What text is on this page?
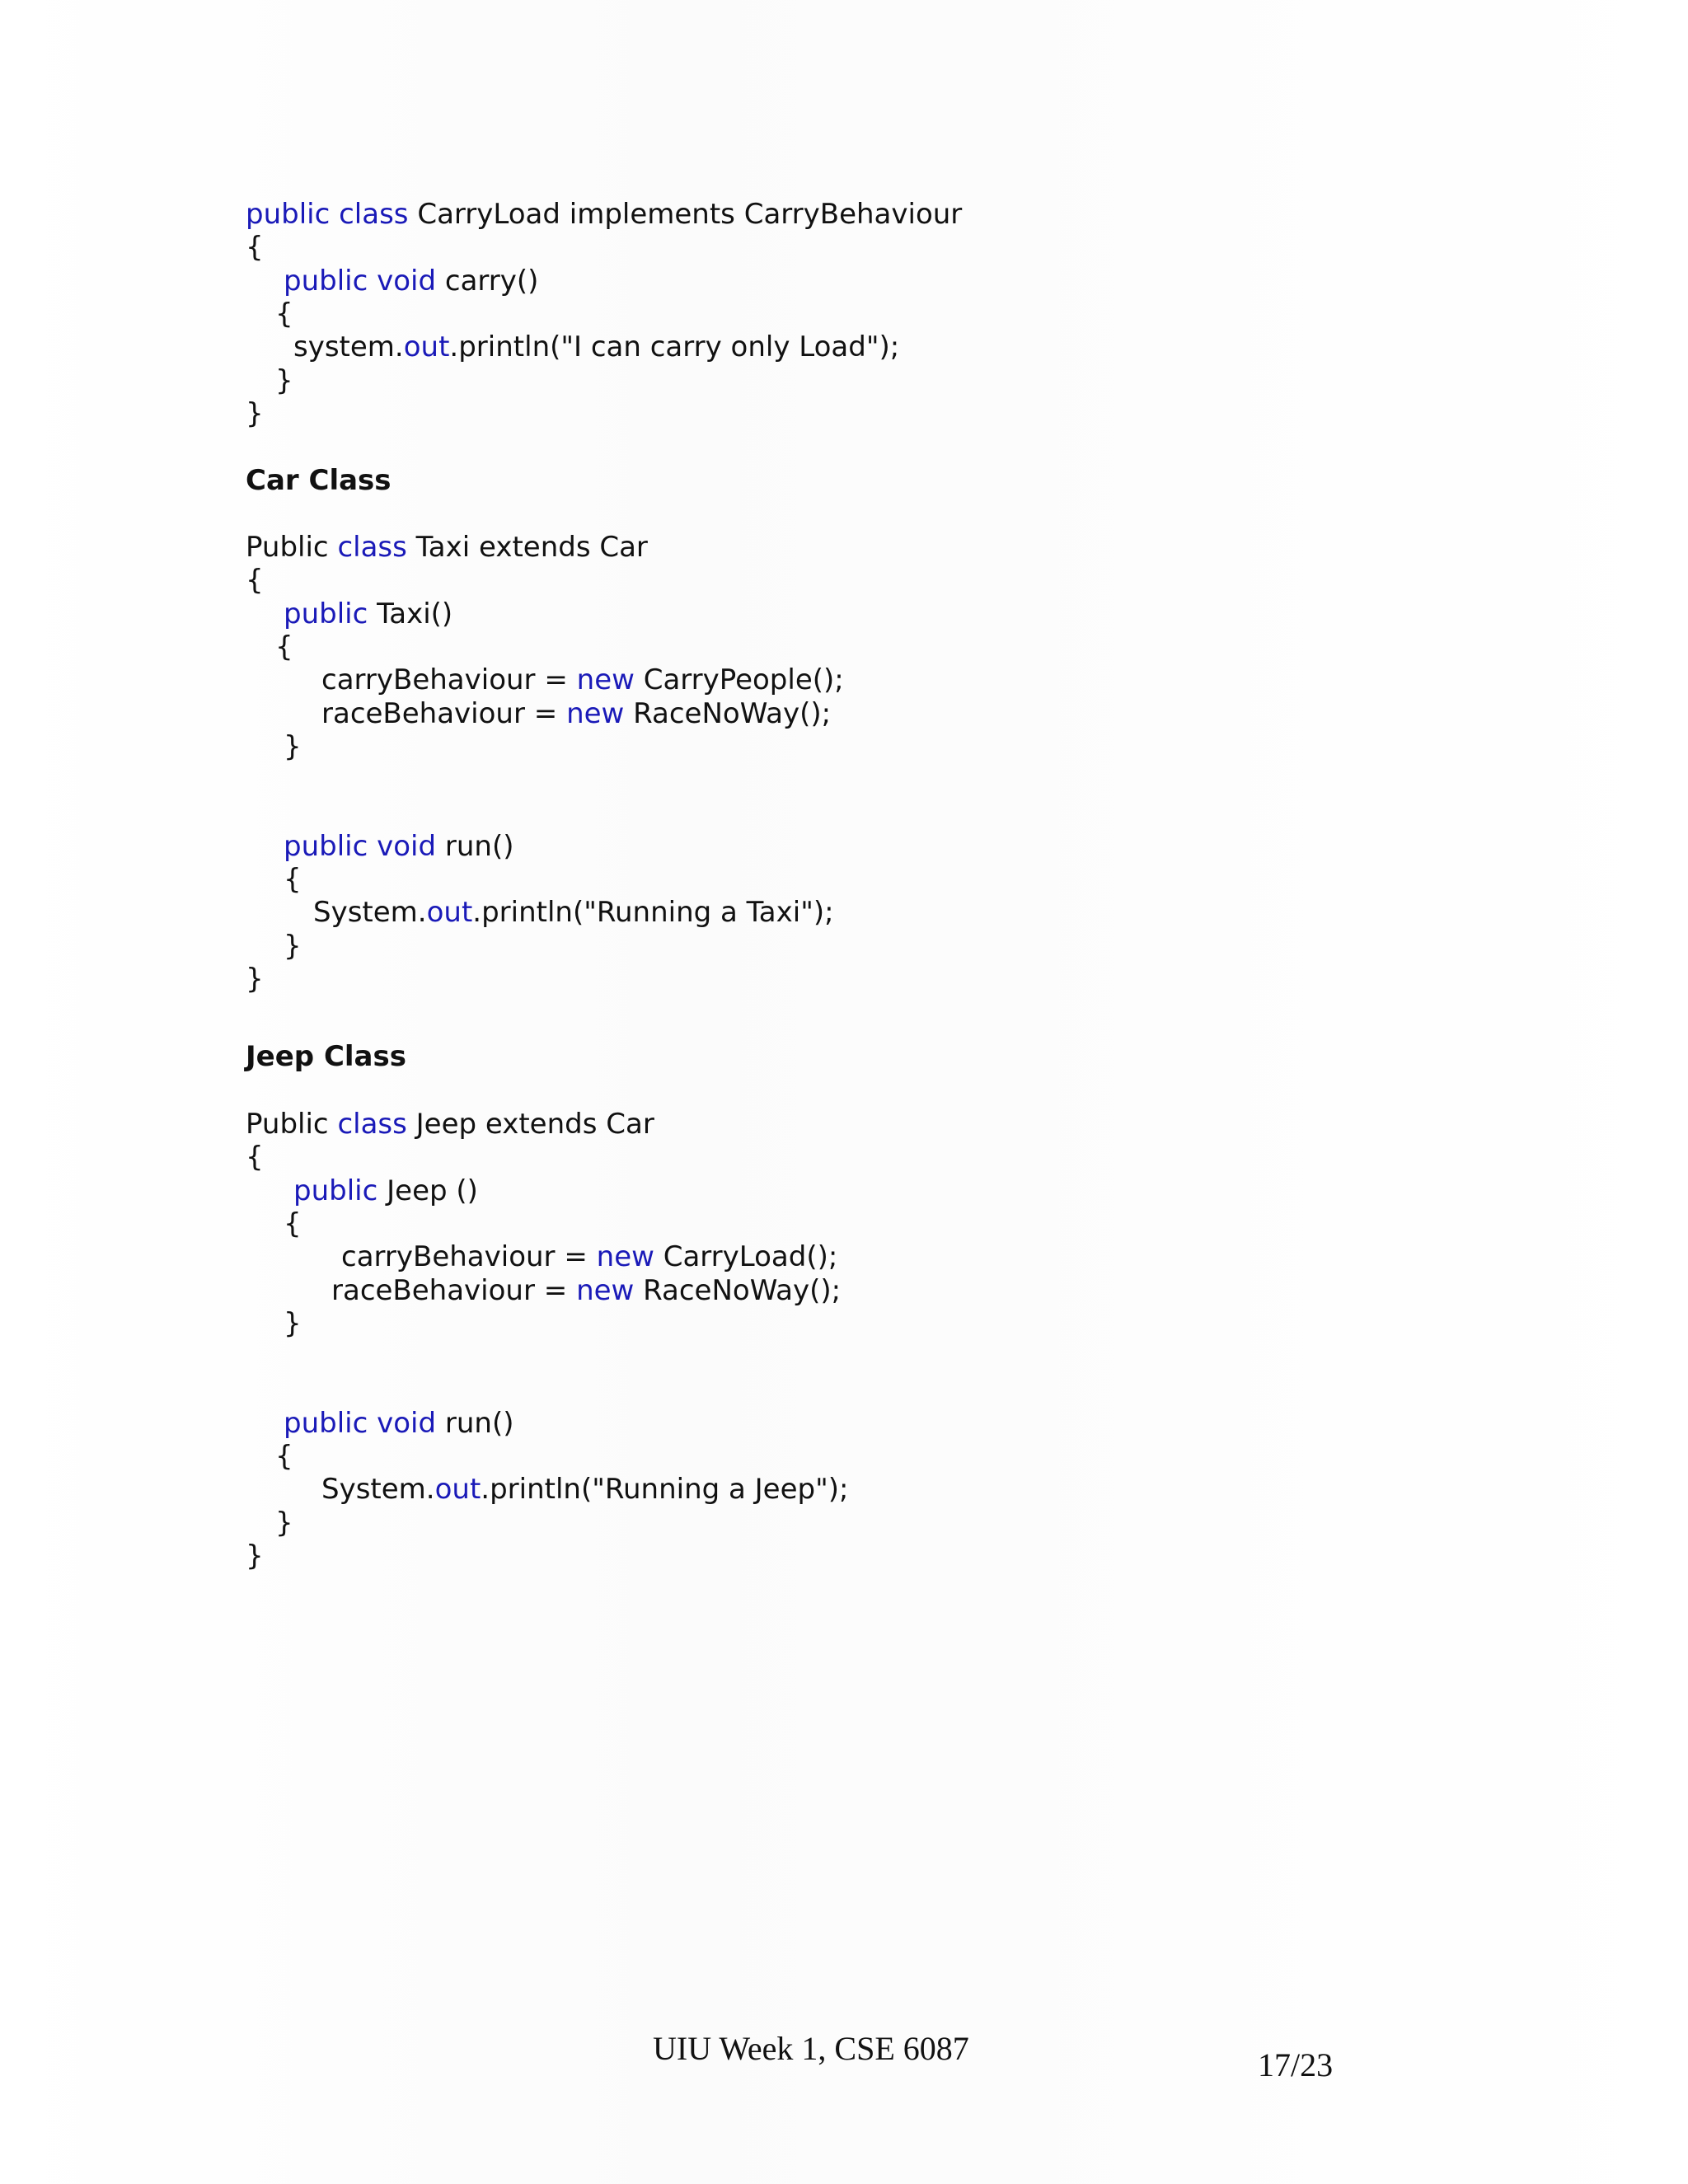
public class CarryLoad implements CarryBehaviour
{
public void carry()
{
system.out.println("I can carry only Load");
}
}
Car Class
Public class Taxi extends Car
{
public Taxi()
{
carryBehaviour = new CarryPeople();
raceBehaviour = new RaceNoWay();
}
public void run()
{
System.out.println("Running a Taxi");
}
}
Jeep Class
Public class Jeep extends Car
{
public Jeep ()
{
carryBehaviour = new CarryLoad();
raceBehaviour = new RaceNoWay();
}
public void run()
{
System.out.println("Running a Jeep");
}
}
UIU Week 1, CSE 6087	17/23
